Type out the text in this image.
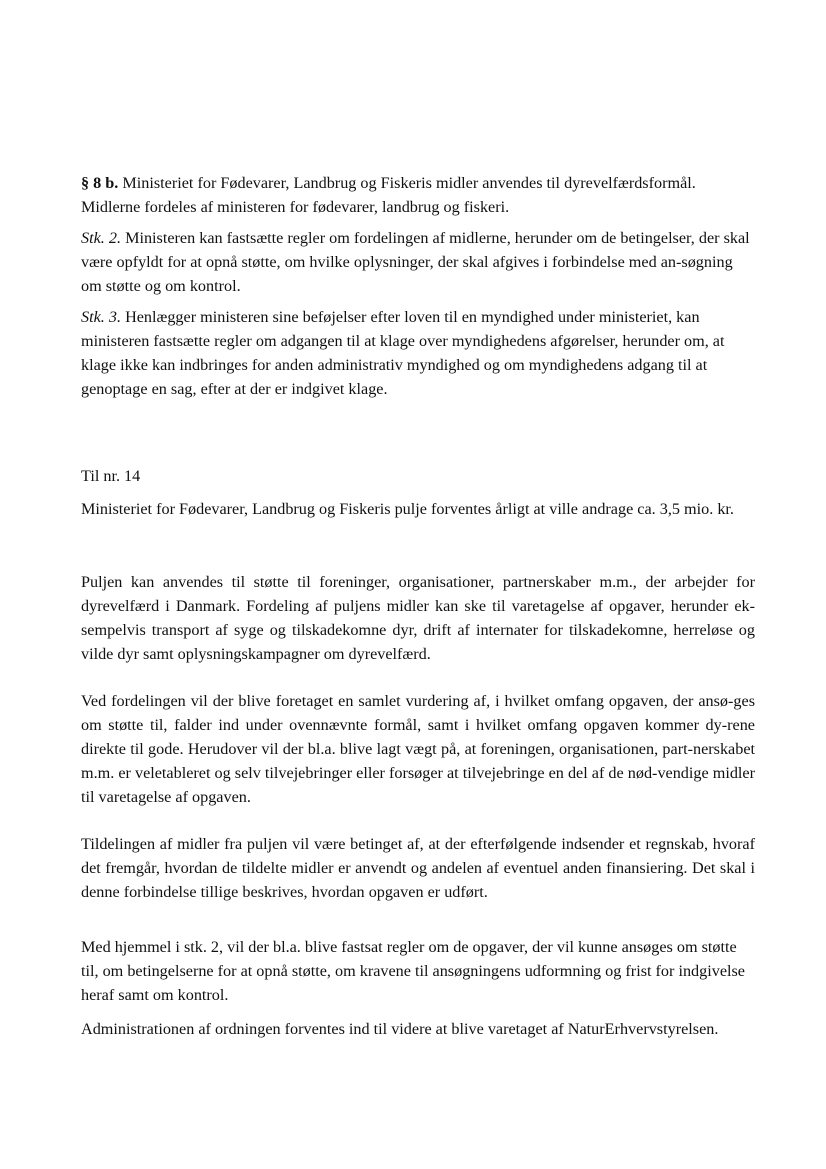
§ 8 b. Ministeriet for Fødevarer, Landbrug og Fiskeris midler anvendes til dyrevelfærdsformål. Midlerne fordeles af ministeren for fødevarer, landbrug og fiskeri.

Stk. 2. Ministeren kan fastsætte regler om fordelingen af midlerne, herunder om de betingelser, der skal være opfyldt for at opnå støtte, om hvilke oplysninger, der skal afgives i forbindelse med an-søgning om støtte og om kontrol.

Stk. 3. Henlægger ministeren sine beføjelser efter loven til en myndighed under ministeriet, kan ministeren fastsætte regler om adgangen til at klage over myndighedens afgørelser, herunder om, at klage ikke kan indbringes for anden administrativ myndighed og om myndighedens adgang til at genoptage en sag, efter at der er indgivet klage.

Til nr. 14

Ministeriet for Fødevarer, Landbrug og Fiskeris pulje forventes årligt at ville andrage ca. 3,5 mio. kr.

Puljen kan anvendes til støtte til foreninger, organisationer, partnerskaber m.m., der arbejder for dyrevelfærd i Danmark. Fordeling af puljens midler kan ske til varetagelse af opgaver, herunder ek-sempelvis transport af syge og tilskadekomne dyr, drift af internater for tilskadekomne, herreløse og vilde dyr samt oplysningskampagner om dyrevelfærd.

Ved fordelingen vil der blive foretaget en samlet vurdering af, i hvilket omfang opgaven, der ansø-ges om støtte til, falder ind under ovennævnte formål, samt i hvilket omfang opgaven kommer dy-rene direkte til gode. Herudover vil der bl.a. blive lagt vægt på, at foreningen, organisationen, part-nerskabet m.m. er veletableret og selv tilvejebringer eller forsøger at tilvejebringe en del af de nød-vendige midler til varetagelse af opgaven.

Tildelingen af midler fra puljen vil være betinget af, at der efterfølgende indsender et regnskab, hvoraf det fremgår, hvordan de tildelte midler er anvendt og andelen af eventuel anden finansiering. Det skal i denne forbindelse tillige beskrives, hvordan opgaven er udført.

Med hjemmel i stk. 2, vil der bl.a. blive fastsat regler om de opgaver, der vil kunne ansøges om støtte til, om betingelserne for at opnå støtte, om kravene til ansøgningens udformning og frist for indgivelse heraf samt om kontrol.

Administrationen af ordningen forventes ind til videre at blive varetaget af NaturErhvervstyrelsen.
